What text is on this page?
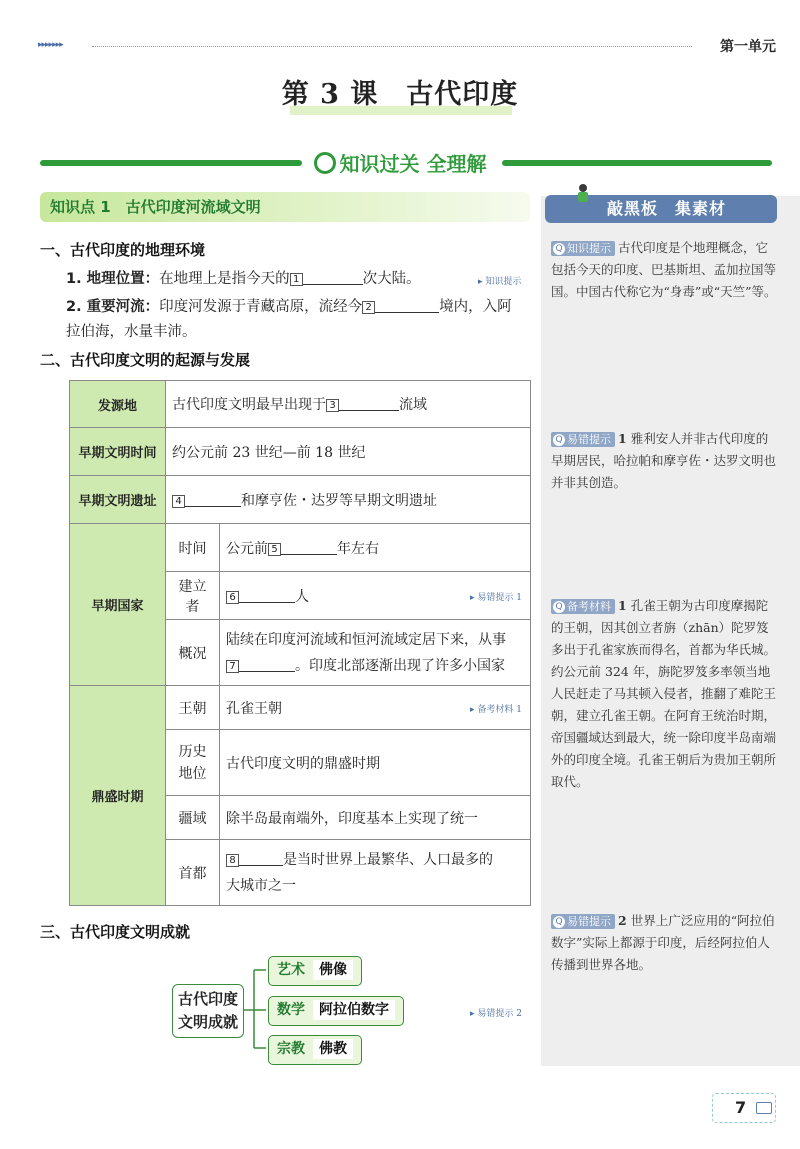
▸▸▸▸▸▸▸	第一单元
第 3 课　古代印度
知识过关 全理解
知识点 1　古代印度河流域文明
一、古代印度的地理环境
1. 地理位置：在地理上是指今天的 1	次大陆。	▸ 知识提示
2. 重要河流：印度河发源于青藏高原，流经今 2	境内，入阿
拉伯海，水量丰沛。
二、古代印度文明的起源与发展
发源地	古代印度文明最早出现于 3 流域	
早期文明时间	约公元前 23 世纪—前 18 世纪	
早期文明遗址	4 和摩亨佐・达罗等早期文明遗址	
早期国家	时间	公元前 5 年左右
	建立者	6 人 ▸ 易错提示 1

	概况	陆续在印度河流域和恒河流域定居下来，从事
7 。印度北部逐渐出现了许多小国家
鼎盛时期	王朝	孔雀王朝 ▸ 备考材料 1

	历史
地位	古代印度文明的鼎盛时期
	疆域	除半岛最南端外，印度基本上实现了统一
	首都	8 是当时世界上最繁华、人口最多的
大城市之一
三、古代印度文明成就
古代印度
文明成就
艺术 佛像
数学 阿拉伯数字
宗教 佛教
▸ 易错提示 2
敲黑板　集素材
Q 知识提示 古代印度是个地理概念，它包括今天的印度、巴基斯坦、孟加拉国等国。中国古代称它为“身毒”或“天竺”等。
Q 易错提示 1 雅利安人并非古代印度的早期居民，哈拉帕和摩亨佐・达罗文明也并非其创造。
Q 备考材料 1 孔雀王朝为古印度摩揭陀的王朝，因其创立者旃（zhān）陀罗笈多出于孔雀家族而得名，首都为华氏城。约公元前 324 年，旃陀罗笈多率领当地人民赶走了马其顿入侵者，推翻了难陀王朝，建立孔雀王朝。在阿育王统治时期，帝国疆域达到最大，统一除印度半岛南端外的印度全境。孔雀王朝后为贵加王朝所取代。
Q 易错提示 2 世界上广泛应用的“阿拉伯数字”实际上都源于印度，后经阿拉伯人传播到世界各地。
7
